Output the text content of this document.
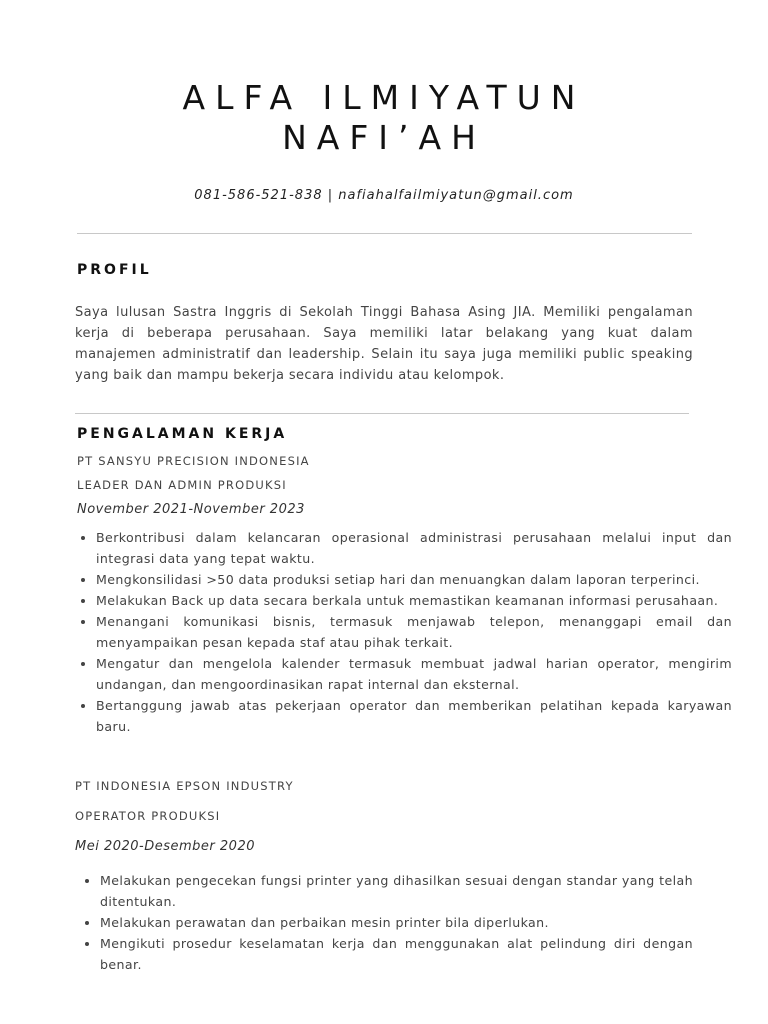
ALFA ILMIYATUN
NAFI’AH
081-586-521-838 | nafiahalfailmiyatun@gmail.com
PROFIL

Saya lulusan Sastra Inggris di Sekolah Tinggi Bahasa Asing JIA. Memiliki pengalaman kerja di beberapa perusahaan. Saya memiliki latar belakang yang kuat dalam manajemen administratif dan leadership. Selain itu saya juga memiliki public speaking yang baik dan mampu bekerja secara individu atau kelompok.

PENGALAMAN KERJA
PT SANSYU PRECISION INDONESIA
LEADER DAN ADMIN PRODUKSI
November 2021-November 2023
• Berkontribusi dalam kelancaran operasional administrasi perusahaan melalui input dan integrasi data yang tepat waktu.
• Mengkonsilidasi >50 data produksi setiap hari dan menuangkan dalam laporan terperinci.
• Melakukan Back up data secara berkala untuk memastikan keamanan informasi perusahaan.
• Menangani komunikasi bisnis, termasuk menjawab telepon, menanggapi email dan menyampaikan pesan kepada staf atau pihak terkait.
• Mengatur dan mengelola kalender termasuk membuat jadwal harian operator, mengirim undangan, dan mengoordinasikan rapat internal dan eksternal.
• Bertanggung jawab atas pekerjaan operator dan memberikan pelatihan kepada karyawan baru.
PT INDONESIA EPSON INDUSTRY
OPERATOR PRODUKSI
Mei 2020-Desember 2020
• Melakukan pengecekan fungsi printer yang dihasilkan sesuai dengan standar yang telah ditentukan.
• Melakukan perawatan dan perbaikan mesin printer bila diperlukan.
• Mengikuti prosedur keselamatan kerja dan menggunakan alat pelindung diri dengan benar.
